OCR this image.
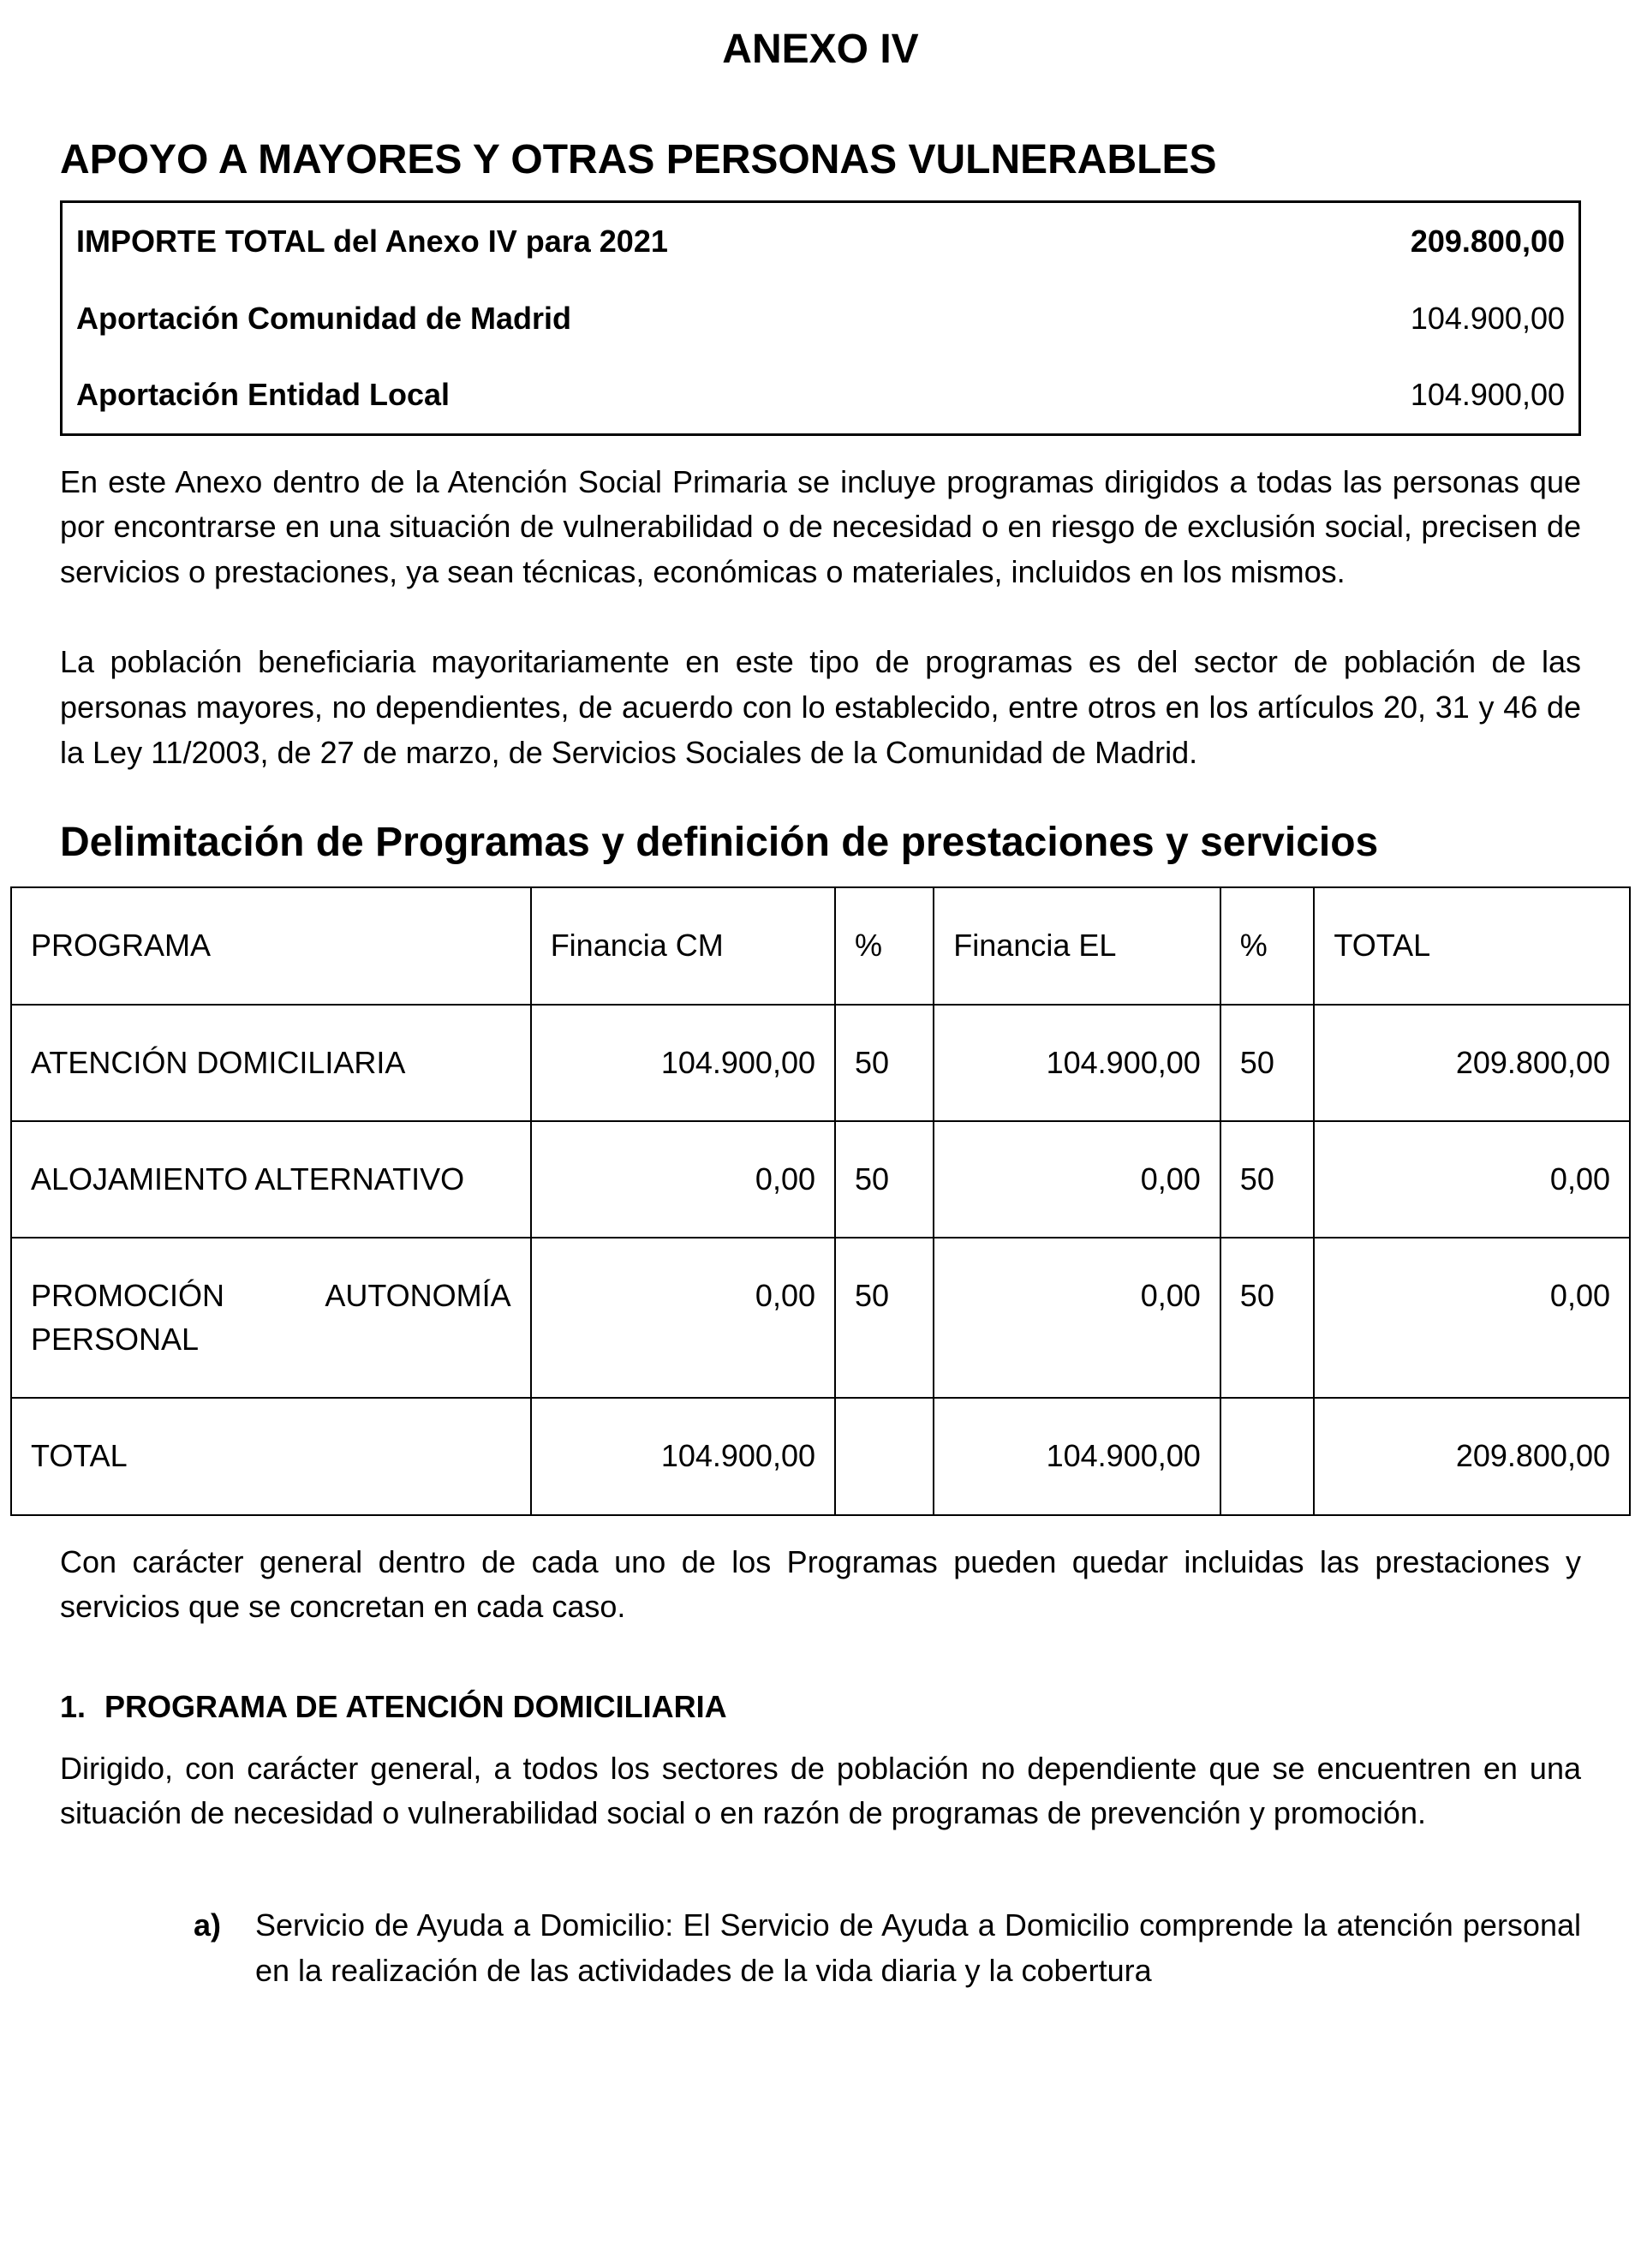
ANEXO IV
APOYO A MAYORES Y OTRAS PERSONAS VULNERABLES
IMPORTE TOTAL del Anexo IV para 2021	209.800,00
Aportación Comunidad de Madrid	104.900,00
Aportación Entidad Local	104.900,00

En este Anexo dentro de la Atención Social Primaria se incluye programas dirigidos a todas las personas que por encontrarse en una situación de vulnerabilidad o de necesidad o en riesgo de exclusión social, precisen de servicios o prestaciones, ya sean técnicas, económicas o materiales, incluidos en los mismos.

La población beneficiaria mayoritariamente en este tipo de programas es del sector de población de las personas mayores, no dependientes, de acuerdo con lo establecido, entre otros en los artículos 20, 31 y 46 de la Ley 11/2003, de 27 de marzo, de Servicios Sociales de la Comunidad de Madrid.

Delimitación de Programas y definición de prestaciones y servicios
PROGRAMA	Financia CM	%	Financia EL	%	TOTAL
ATENCIÓN DOMICILIARIA	104.900,00	50	104.900,00	50	209.800,00
ALOJAMIENTO ALTERNATIVO	0,00	50	0,00	50	0,00
PROMOCIÓN AUTONOMÍA PERSONAL	0,00	50	0,00	50	0,00
TOTAL	104.900,00		104.900,00		209.800,00

Con carácter general dentro de cada uno de los Programas pueden quedar incluidas las prestaciones y servicios que se concretan en cada caso.

1. PROGRAMA DE ATENCIÓN DOMICILIARIA

Dirigido, con carácter general, a todos los sectores de población no dependiente que se encuentren en una situación de necesidad o vulnerabilidad social o en razón de programas de prevención y promoción.

a)	Servicio de Ayuda a Domicilio: El Servicio de Ayuda a Domicilio comprende la atención personal en la realización de las actividades de la vida diaria y la cobertura
